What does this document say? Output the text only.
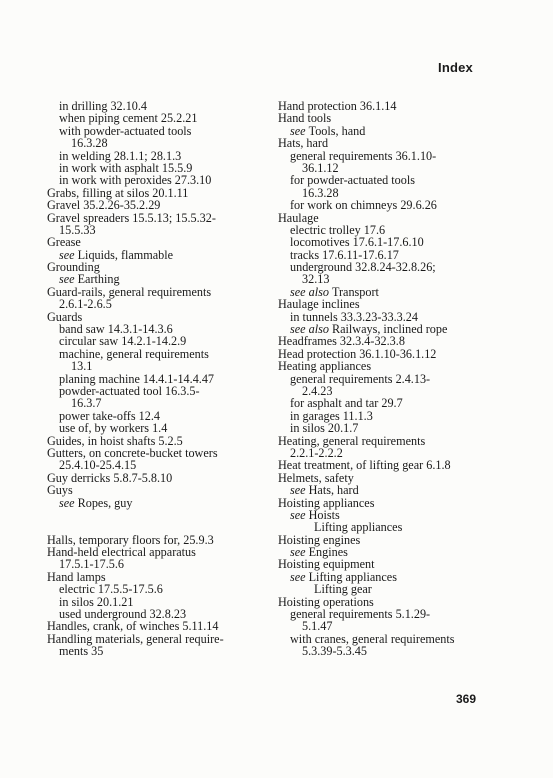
Index
in drilling 32.10.4
when piping cement 25.2.21
with powder-actuated tools
16.3.28
in welding 28.1.1; 28.1.3
in work with asphalt 15.5.9
in work with peroxides 27.3.10
Grabs, filling at silos 20.1.11
Gravel 35.2.26-35.2.29
Gravel spreaders 15.5.13; 15.5.32-
15.5.33
Grease
see Liquids, flammable
Grounding
see Earthing
Guard-rails, general requirements
2.6.1-2.6.5
Guards
band saw 14.3.1-14.3.6
circular saw 14.2.1-14.2.9
machine, general requirements
13.1
planing machine 14.4.1-14.4.47
powder-actuated tool 16.3.5-
16.3.7
power take-offs 12.4
use of, by workers 1.4
Guides, in hoist shafts 5.2.5
Gutters, on concrete-bucket towers
25.4.10-25.4.15
Guy derricks 5.8.7-5.8.10
Guys
see Ropes, guy
Halls, temporary floors for, 25.9.3
Hand-held electrical apparatus
17.5.1-17.5.6
Hand lamps
electric 17.5.5-17.5.6
in silos 20.1.21
used underground 32.8.23
Handles, crank, of winches 5.11.14
Handling materials, general require-
ments 35
Hand protection 36.1.14
Hand tools
see Tools, hand
Hats, hard
general requirements 36.1.10-
36.1.12
for powder-actuated tools
16.3.28
for work on chimneys 29.6.26
Haulage
electric trolley 17.6
locomotives 17.6.1-17.6.10
tracks 17.6.11-17.6.17
underground 32.8.24-32.8.26;
32.13
see also Transport
Haulage inclines
in tunnels 33.3.23-33.3.24
see also Railways, inclined rope
Headframes 32.3.4-32.3.8
Head protection 36.1.10-36.1.12
Heating appliances
general requirements 2.4.13-
2.4.23
for asphalt and tar 29.7
in garages 11.1.3
in silos 20.1.7
Heating, general requirements
2.2.1-2.2.2
Heat treatment, of lifting gear 6.1.8
Helmets, safety
see Hats, hard
Hoisting appliances
see Hoists
Lifting appliances
Hoisting engines
see Engines
Hoisting equipment
see Lifting appliances
Lifting gear
Hoisting operations
general requirements 5.1.29-
5.1.47
with cranes, general requirements
5.3.39-5.3.45
369
